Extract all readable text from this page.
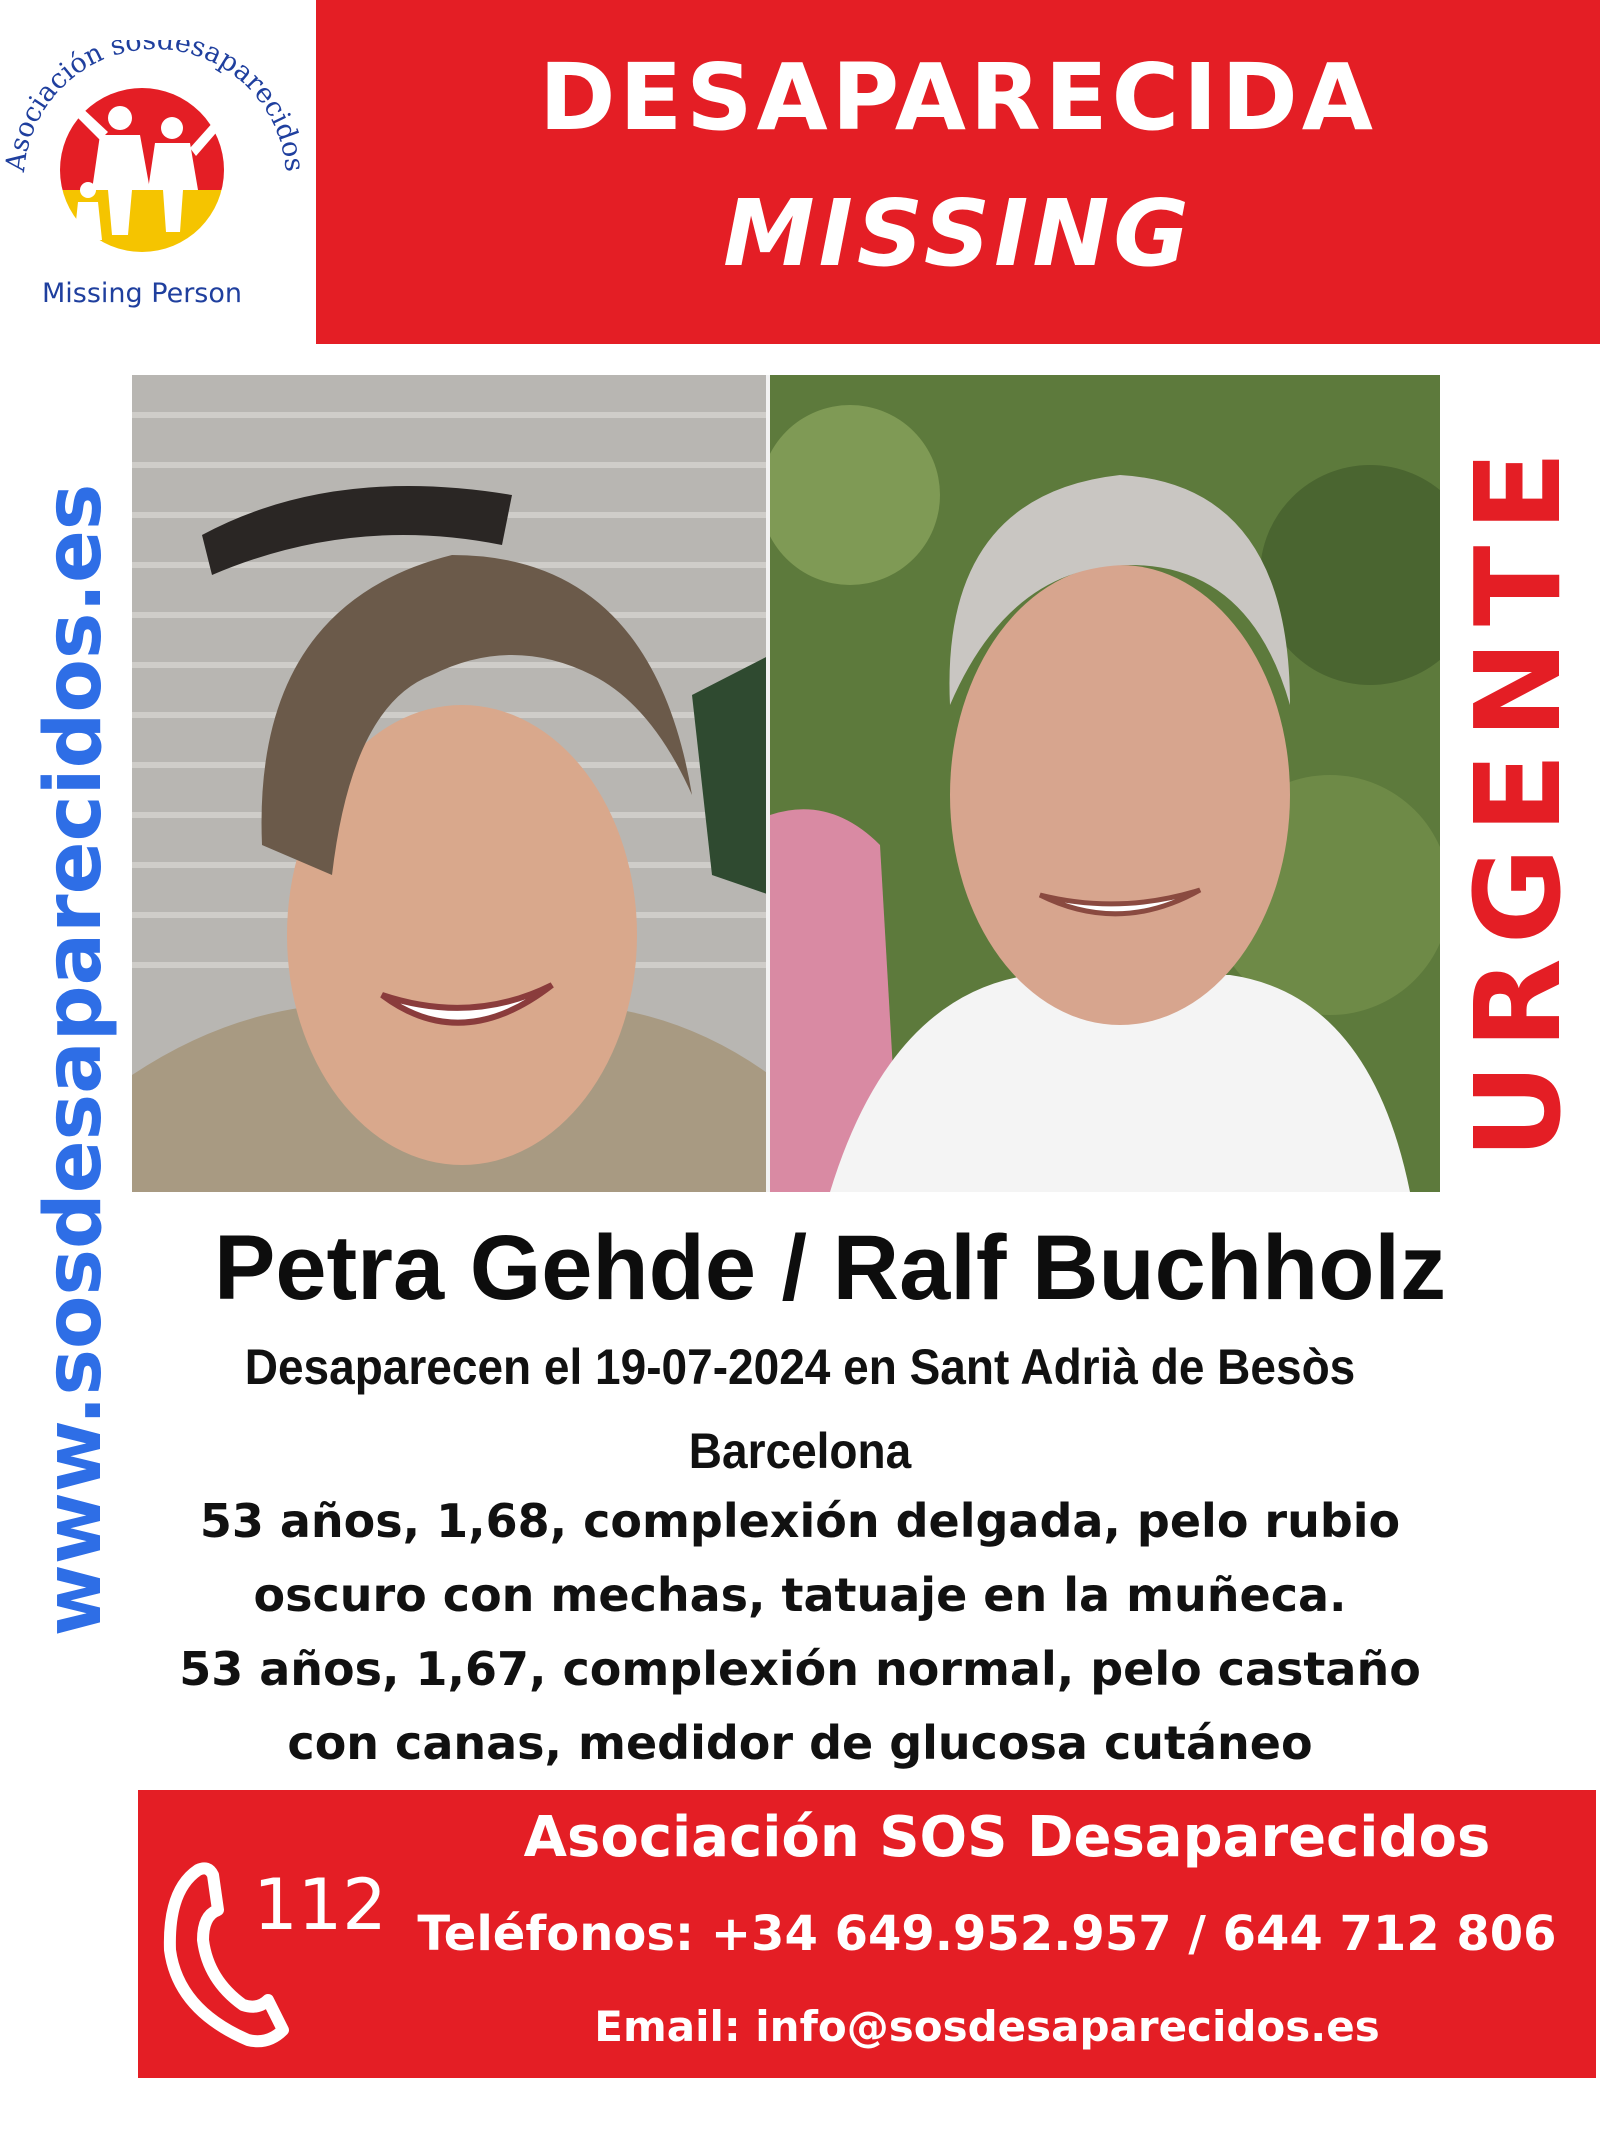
Asociación sosdesaparecidos
Missing Person
DESAPARECIDA
MISSING
www.sosdesaparecidos.es	URGENTE
Petra Gehde / Ralf Buchholz
Desaparecen el 19-07-2024 en Sant Adrià de Besòs
Barcelona
53 años, 1,68, complexión delgada, pelo rubio
oscuro con mechas, tatuaje en la muñeca.
53 años, 1,67, complexión normal, pelo castaño
con canas, medidor de glucosa cutáneo
112
Asociación SOS Desaparecidos
Teléfonos: +34 649.952.957 / 644 712 806
Email: info@sosdesaparecidos.es
